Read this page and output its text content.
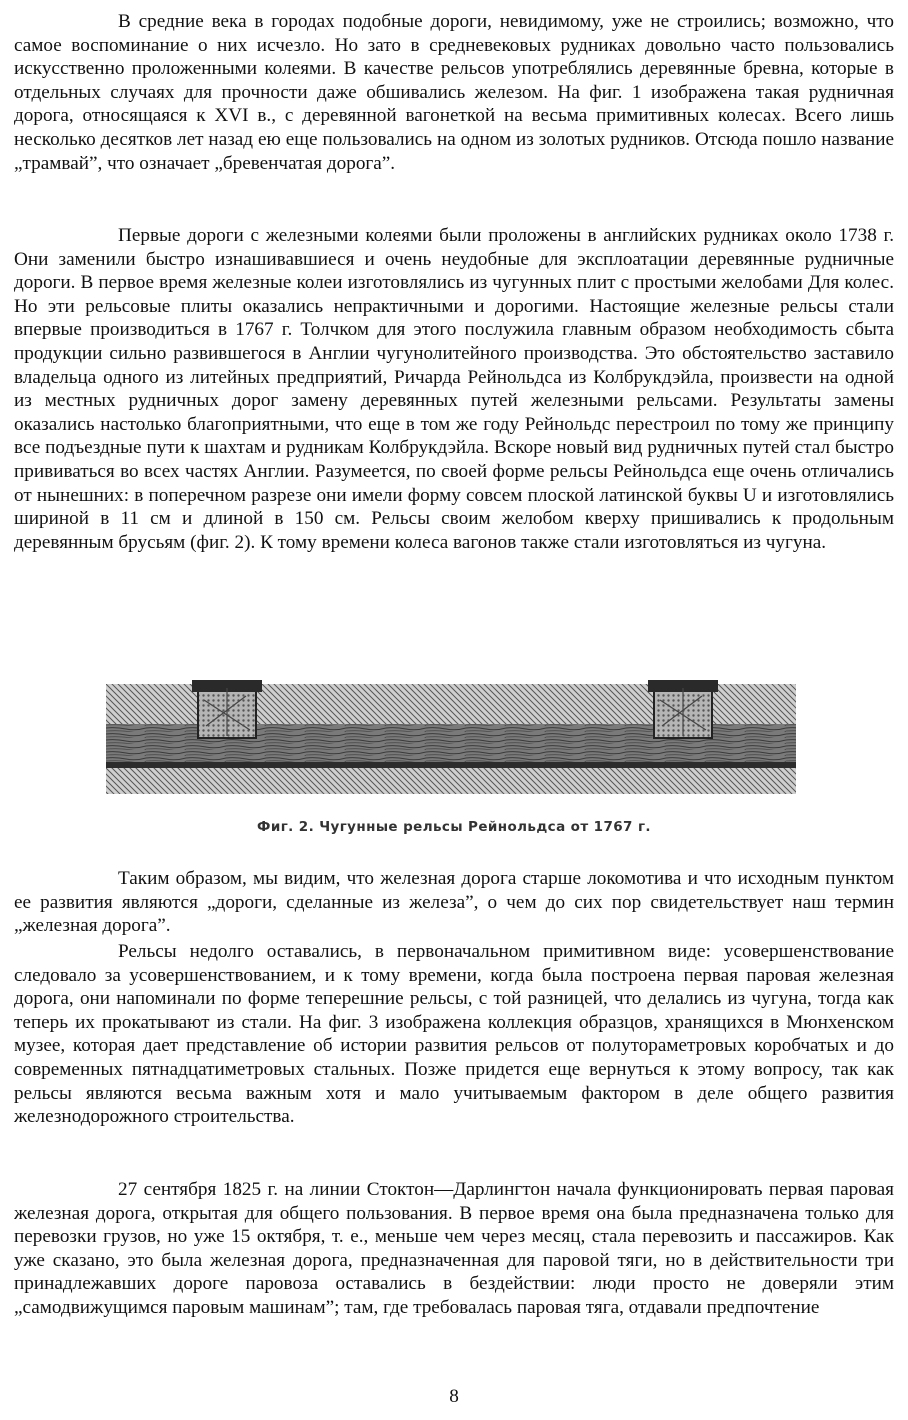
В средние века в городах подобные дороги, невидимому, уже не строились; возможно, что самое воспоминание о них исчезло. Но зато в средневековых рудниках довольно часто пользовались искусственно проложенными колеями. В качестве рельсов употреблялись деревянные бревна, которые в отдельных случаях для прочности даже обшивались железом. На фиг. 1 изображена такая рудничная дорога, относящаяся к XVI в., с деревянной вагонеткой на весьма примитивных колесах. Всего лишь несколько десятков лет назад ею еще пользовались на одном из золотых рудников. Отсюда пошло название „трамвай”, что означает „бревенчатая дорога”.

Первые дороги с железными колеями были проложены в английских рудниках около 1738 г. Они заменили быстро изнашивавшиеся и очень неудобные для эксплоатации деревянные рудничные дороги. В первое время железные колеи изготовлялись из чугунных плит с простыми желобами Для колес. Но эти рельсовые плиты оказались непрактичными и дорогими. Настоящие железные рельсы стали впервые производиться в 1767 г. Толчком для этого послужила главным образом необходимость сбыта продукции сильно развившегося в Англии чугунолитейного производства. Это обстоятельство заставило владельца одного из литейных предприятий, Ричарда Рейнольдса из Колбрукдэйла, произвести на одной из местных рудничных дорог замену деревянных путей железными рельсами. Результаты замены оказались настолько благоприятными, что еще в том же году Рейнольдс перестроил по тому же принципу все подъездные пути к шахтам и рудникам Колбрукдэйла. Вскоре новый вид рудничных путей стал быстро прививаться во всех частях Англии. Разумеется, по своей форме рельсы Рейнольдса еще очень отличались от нынешних: в поперечном разрезе они имели форму совсем плоской латинской буквы U и изготовлялись шириной в 11 см и длиной в 150 см. Рельсы своим желобом кверху пришивались к продольным деревянным брусьям (фиг. 2). К тому времени колеса вагонов также стали изготовляться из чугуна.

Фиг. 2. Чугунные рельсы Рейнольдса от 1767 г.

Таким образом, мы видим, что железная дорога старше локомотива и что исходным пунктом ее развития являются „дороги, сделанные из железа”, о чем до сих пор свидетельствует наш термин „железная дорога”.

Рельсы недолго оставались, в первоначальном примитивном виде: усовершенствование следовало за усовершенствованием, и к тому времени, когда была построена первая паровая железная дорога, они напоминали по форме теперешние рельсы, с той разницей, что делались из чугуна, тогда как теперь их прокатывают из стали. На фиг. 3 изображена коллекция образцов, хранящихся в Мюнхенском музее, которая дает представление об истории развития рельсов от полутораметровых коробчатых и до современных пятнадцатиметровых стальных. Позже придется еще вернуться к этому вопросу, так как рельсы являются весьма важным хотя и мало учитываемым фактором в деле общего развития железнодорожного строительства.

27 сентября 1825 г. на линии Стоктон—Дарлингтон начала функционировать первая паровая железная дорога, открытая для общего пользования. В первое время она была предназначена только для перевозки грузов, но уже 15 октября, т. е., меньше чем через месяц, стала перевозить и пассажиров. Как уже сказано, это была железная дорога, предназначенная для паровой тяги, но в действительности три принадлежавших дороге паровоза оставались в бездействии: люди просто не доверяли этим „самодвижущимся паровым машинам”; там, где требовалась паровая тяга, отдавали предпочтение

8
